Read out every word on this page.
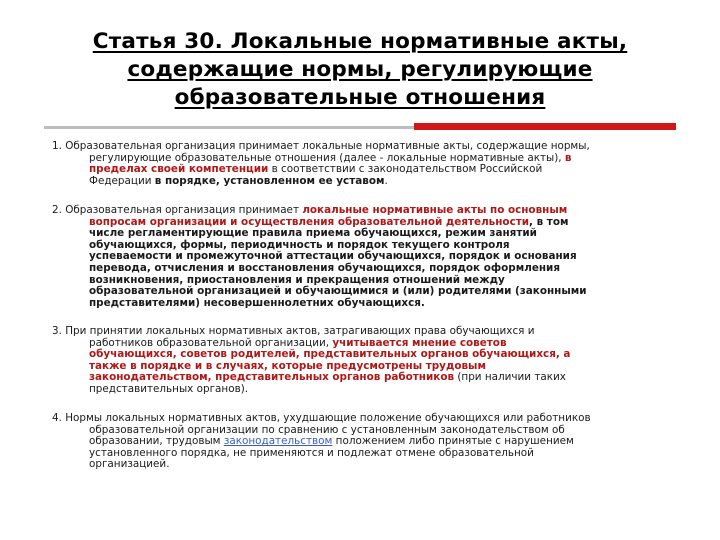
Статья 30. Локальные нормативные акты,
содержащие нормы, регулирующие
образовательные отношения
1. Образовательная организация принимает локальные нормативные акты, содержащие нормы,
регулирующие образовательные отношения (далее - локальные нормативные акты), в
пределах своей компетенции в соответствии с законодательством Российской
Федерации в порядке, установленном ее уставом.
2. Образовательная организация принимает локальные нормативные акты по основным
вопросам организации и осуществления образовательной деятельности, в том
числе регламентирующие правила приема обучающихся, режим занятий
обучающихся, формы, периодичность и порядок текущего контроля
успеваемости и промежуточной аттестации обучающихся, порядок и основания
перевода, отчисления и восстановления обучающихся, порядок оформления
возникновения, приостановления и прекращения отношений между
образовательной организацией и обучающимися и (или) родителями (законными
представителями) несовершеннолетних обучающихся.
3. При принятии локальных нормативных актов, затрагивающих права обучающихся и
работников образовательной организации, учитывается мнение советов
обучающихся, советов родителей, представительных органов обучающихся, а
также в порядке и в случаях, которые предусмотрены трудовым
законодательством, представительных органов работников (при наличии таких
представительных органов).
4. Нормы локальных нормативных актов, ухудшающие положение обучающихся или работников
образовательной организации по сравнению с установленным законодательством об
образовании, трудовым законодательством положением либо принятые с нарушением
установленного порядка, не применяются и подлежат отмене образовательной
организацией.
